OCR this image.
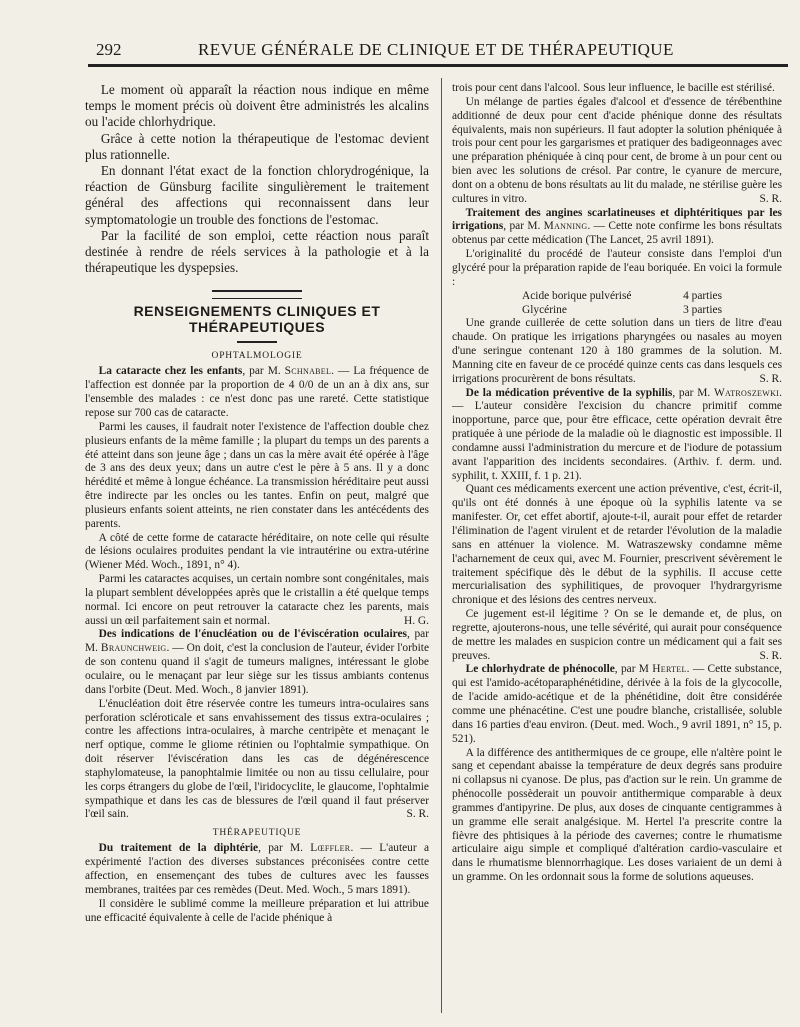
292	REVUE GÉNÉRALE DE CLINIQUE ET DE THÉRAPEUTIQUE

Le moment où apparaît la réaction nous indique en même temps le moment précis où doivent être administrés les alcalins ou l'acide chlorhydrique.

Grâce à cette notion la thérapeutique de l'estomac devient plus rationnelle.

En donnant l'état exact de la fonction chlorydrogénique, la réaction de Günsburg facilite singulièrement le traitement général des affections qui reconnaissent dans leur symptomatologie un trouble des fonctions de l'estomac.

Par la facilité de son emploi, cette réaction nous paraît destinée à rendre de réels services à la pathologie et à la thérapeutique les dyspepsies.

RENSEIGNEMENTS CLINIQUES ET THÉRAPEUTIQUES
OPHTALMOLOGIE

La cataracte chez les enfants, par M. Schnabel. — La fréquence de l'affection est donnée par la proportion de 4 0/0 de un an à dix ans, sur l'ensemble des malades : ce n'est donc pas une rareté. Cette statistique repose sur 700 cas de cataracte.

Parmi les causes, il faudrait noter l'existence de l'affection double chez plusieurs enfants de la même famille ; la plupart du temps un des parents a été atteint dans son jeune âge ; dans un cas la mère avait été opérée à l'âge de 3 ans des deux yeux; dans un autre c'est le père à 5 ans. Il y a donc hérédité et même à longue échéance. La transmission héréditaire peut aussi être indirecte par les oncles ou les tantes. Enfin on peut, malgré que plusieurs enfants soient atteints, ne rien constater dans les antécédents des parents.

A côté de cette forme de cataracte héréditaire, on note celle qui résulte de lésions oculaires produites pendant la vie intrautérine ou extra-utérine (Wiener Méd. Woch., 1891, n° 4).

Parmi les cataractes acquises, un certain nombre sont congénitales, mais la plupart semblent développées après que le cristallin a été quelque temps normal. Ici encore on peut retrouver la cataracte chez les parents, mais aussi un œil parfaitement sain et normal.	H. G.

Des indications de l'énucléation ou de l'éviscération oculaires, par M. Braunchweig. — On doit, c'est la conclusion de l'auteur, évider l'orbite de son contenu quand il s'agit de tumeurs malignes, intéressant le globe oculaire, ou le menaçant par leur siège sur les tissus ambiants contenus dans l'orbite (Deut. Med. Woch., 8 janvier 1891).

L'énucléation doit être réservée contre les tumeurs intra-oculaires sans perforation scléroticale et sans envahissement des tissus extra-oculaires ; contre les affections intra-oculaires, à marche centripète et menaçant le nerf optique, comme le gliome rétinien ou l'ophtalmie sympathique. On doit réserver l'éviscération dans les cas de dégénérescence staphylomateuse, la panophtalmie limitée ou non au tissu cellulaire, pour les corps étrangers du globe de l'œil, l'iridocyclite, le glaucome, l'ophtalmie sympathique et dans les cas de blessures de l'œil quand il faut préserver l'œil sain.	S. R.

THÉRAPEUTIQUE

Du traitement de la diphtérie, par M. Lœffler. — L'auteur a expérimenté l'action des diverses substances préconisées contre cette affection, en ensemençant des tubes de cultures avec les fausses membranes, traitées par ces remèdes (Deut. Med. Woch., 5 mars 1891).

Il considère le sublimé comme la meilleure préparation et lui attribue une efficacité équivalente à celle de l'acide phénique à

trois pour cent dans l'alcool. Sous leur influence, le bacille est stérilisé.

Un mélange de parties égales d'alcool et d'essence de térébenthine additionné de deux pour cent d'acide phénique donne des résultats équivalents, mais non supérieurs. Il faut adopter la solution phéniquée à trois pour cent pour les gargarismes et pratiquer des badigeonnages avec une préparation phéniquée à cinq pour cent, de brome à un pour cent ou bien avec les solutions de crésol. Par contre, le cyanure de mercure, dont on a obtenu de bons résultats au lit du malade, ne stérilise guère les cultures in vitro.	S. R.

Traitement des angines scarlatineuses et diphtéritiques par les irrigations, par M. Manning. — Cette note confirme les bons résultats obtenus par cette médication (The Lancet, 25 avril 1891).

L'originalité du procédé de l'auteur consiste dans l'emploi d'un glycéré pour la préparation rapide de l'eau boriquée. En voici la formule :

Acide borique pulvérisé	4 parties
Glycérine	3 parties

Une grande cuillerée de cette solution dans un tiers de litre d'eau chaude. On pratique les irrigations pharyngées ou nasales au moyen d'une seringue contenant 120 à 180 grammes de la solution. M. Manning cite en faveur de ce procédé quinze cents cas dans lesquels ces irrigations procurèrent de bons résultats.	S. R.

De la médication préventive de la syphilis, par M. Watroszewki. — L'auteur considère l'excision du chancre primitif comme inopportune, parce que, pour être efficace, cette opération devrait être pratiquée à une période de la maladie où le diagnostic est impossible. Il condamne aussi l'administration du mercure et de l'iodure de potassium avant l'apparition des incidents secondaires. (Arthiv. f. derm. und. syphilit, t. XXIII, f. 1 p. 21).

Quant ces médicaments exercent une action préventive, c'est, écrit-il, qu'ils ont été donnés à une époque où la syphilis latente va se manifester. Or, cet effet abortif, ajoute-t-il, aurait pour effet de retarder l'élimination de l'agent virulent et de retarder l'évolution de la maladie sans en atténuer la violence. M. Watraszewsky condamne même l'acharnement de ceux qui, avec M. Fournier, prescrivent sévèrement le traitement spécifique dès le début de la syphilis. Il accuse cette mercurialisation des syphilitiques, de provoquer l'hydrargyrisme chronique et des lésions des centres nerveux.

Ce jugement est-il légitime ? On se le demande et, de plus, on regrette, ajouterons-nous, une telle sévérité, qui aurait pour conséquence de mettre les malades en suspicion contre un médicament qui a fait ses preuves.	S. R.

Le chlorhydrate de phénocolle, par M Hertel. — Cette substance, qui est l'amido-acétoparaphénétidine, dérivée à la fois de la glycocolle, de l'acide amido-acétique et de la phénétidine, doit être considérée comme une phénacétine. C'est une poudre blanche, cristallisée, soluble dans 16 parties d'eau environ. (Deut. med. Woch., 9 avril 1891, n° 15, p. 521).

A la différence des antithermiques de ce groupe, elle n'altère point le sang et cependant abaisse la température de deux degrés sans produire ni collapsus ni cyanose. De plus, pas d'action sur le rein. Un gramme de phénocolle possèderait un pouvoir antithermique comparable à deux grammes d'antipyrine. De plus, aux doses de cinquante centigrammes à un gramme elle serait analgésique. M. Hertel l'a prescrite contre la fièvre des phtisiques à la période des cavernes; contre le rhumatisme articulaire aigu simple et compliqué d'altération cardio-vasculaire et dans le rhumatisme blennorrhagique. Les doses variaient de un demi à un gramme. On les ordonnait sous la forme de solutions aqueuses.
